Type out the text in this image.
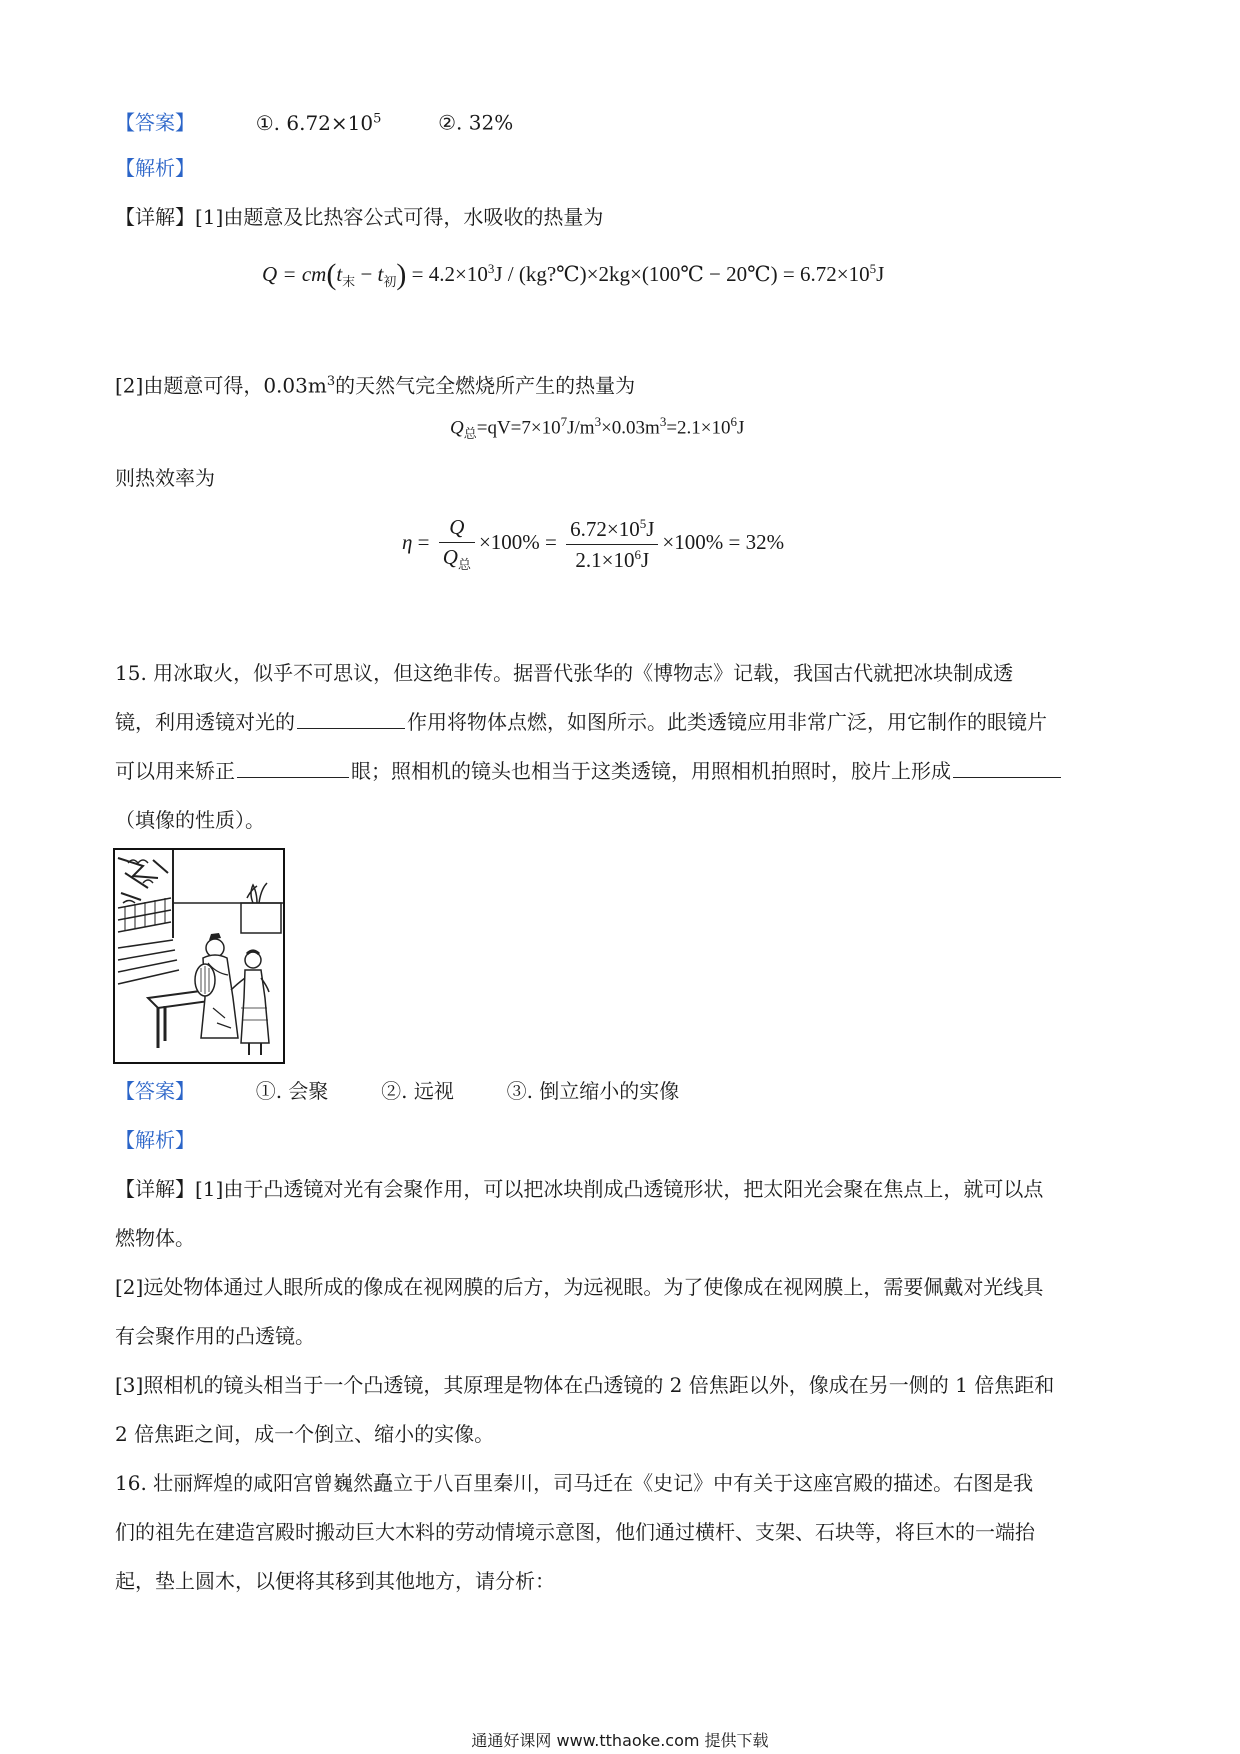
【答案】	①. $6.72\times 10^5$	②. 32%
【解析】
【详解】[1]由题意及比热容公式可得，水吸收的热量为
$Q = cm(t_末 - t_初) = 4.2\times 10^3J$ / (kg?℃)×2kg×(100℃ − 20℃) = $6.72\times 10^5J$
[2]由题意可得，$0.03m^3$的天然气完全燃烧所产生的热量为
$Q_总=qV=7\times 10^7J/m^3\times 0.03m^3=2.1\times 10^6J$
则热效率为
$\eta = \frac{Q}{Q_总} \times 100\% = \frac{6.72\times 10^5J}{2.1\times 10^6J} \times 100\% = 32\%$
15. 用冰取火，似乎不可思议，但这绝非传。据晋代张华的《博物志》记载，我国古代就把冰块制成透
镜，利用透镜对光的	作用将物体点燃，如图所示。此类透镜应用非常广泛，用它制作的眼镜片
可以用来矫正	眼；照相机的镜头也相当于这类透镜，用照相机拍照时，胶片上形成
（填像的性质）。
【答案】	①. 会聚	②. 远视	③. 倒立缩小的实像
【解析】
【详解】[1]由于凸透镜对光有会聚作用，可以把冰块削成凸透镜形状，把太阳光会聚在焦点上，就可以点
燃物体。
[2]远处物体通过人眼所成的像成在视网膜的后方，为远视眼。为了使像成在视网膜上，需要佩戴对光线具
有会聚作用的凸透镜。
[3]照相机的镜头相当于一个凸透镜，其原理是物体在凸透镜的 2 倍焦距以外，像成在另一侧的 1 倍焦距和
2 倍焦距之间，成一个倒立、缩小的实像。
16. 壮丽辉煌的咸阳宫曾巍然矗立于八百里秦川，司马迁在《史记》中有关于这座宫殿的描述。右图是我
们的祖先在建造宫殿时搬动巨大木料的劳动情境示意图，他们通过横杆、支架、石块等，将巨木的一端抬
起，垫上圆木，以便将其移到其他地方，请分析：
通通好课网 www.tthaoke.com 提供下载
